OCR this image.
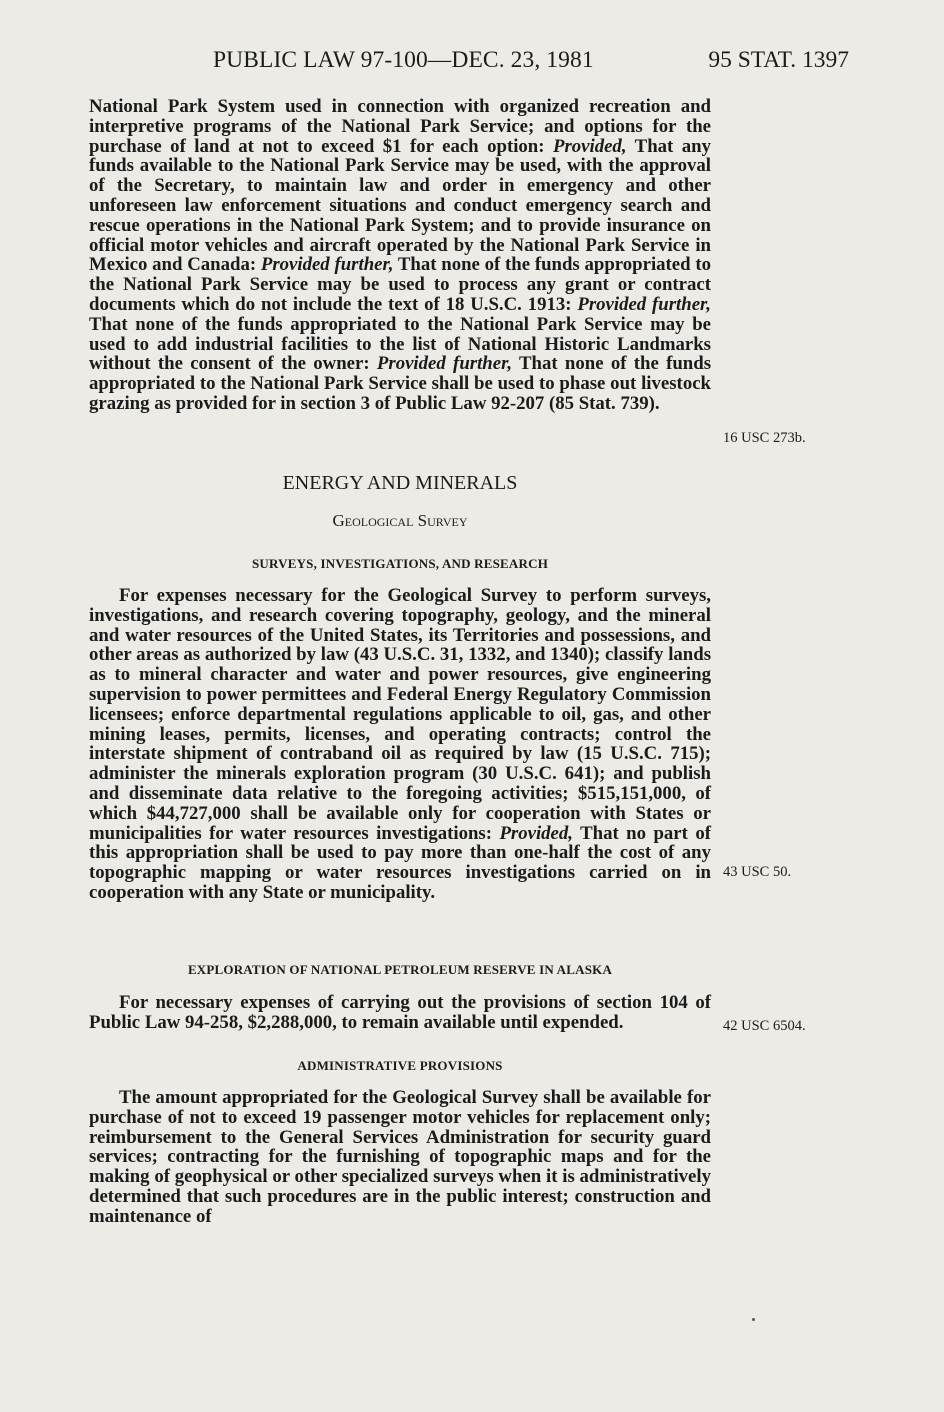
PUBLIC LAW 97-100—DEC. 23, 1981	95 STAT. 1397

National Park System used in connection with organized recreation and interpretive programs of the National Park Service; and options for the purchase of land at not to exceed $1 for each option: Provided, That any funds available to the National Park Service may be used, with the approval of the Secretary, to maintain law and order in emergency and other unforeseen law enforcement situations and conduct emergency search and rescue operations in the National Park System; and to provide insurance on official motor vehicles and aircraft operated by the National Park Service in Mexico and Canada: Provided further, That none of the funds appropriated to the National Park Service may be used to process any grant or contract documents which do not include the text of 18 U.S.C. 1913: Provided further, That none of the funds appropriated to the National Park Service may be used to add industrial facilities to the list of National Historic Landmarks without the consent of the owner: Provided further, That none of the funds appropriated to the National Park Service shall be used to phase out livestock grazing as provided for in section 3 of Public Law 92-207 (85 Stat. 739).

ENERGY AND MINERALS
Geological Survey
SURVEYS, INVESTIGATIONS, AND RESEARCH

For expenses necessary for the Geological Survey to perform surveys, investigations, and research covering topography, geology, and the mineral and water resources of the United States, its Territories and possessions, and other areas as authorized by law (43 U.S.C. 31, 1332, and 1340); classify lands as to mineral character and water and power resources, give engineering supervision to power permittees and Federal Energy Regulatory Commission licensees; enforce departmental regulations applicable to oil, gas, and other mining leases, permits, licenses, and operating contracts; control the interstate shipment of contraband oil as required by law (15 U.S.C. 715); administer the minerals exploration program (30 U.S.C. 641); and publish and disseminate data relative to the foregoing activities; $515,151,000, of which $44,727,000 shall be available only for cooperation with States or municipalities for water resources investigations: Provided, That no part of this appropriation shall be used to pay more than one-half the cost of any topographic mapping or water resources investigations carried on in cooperation with any State or municipality.

EXPLORATION OF NATIONAL PETROLEUM RESERVE IN ALASKA

For necessary expenses of carrying out the provisions of section 104 of Public Law 94-258, $2,288,000, to remain available until expended.

ADMINISTRATIVE PROVISIONS

The amount appropriated for the Geological Survey shall be available for purchase of not to exceed 19 passenger motor vehicles for replacement only; reimbursement to the General Services Administration for security guard services; contracting for the furnishing of topographic maps and for the making of geophysical or other specialized surveys when it is administratively determined that such procedures are in the public interest; construction and maintenance of

16 USC 273b.
43 USC 50.
42 USC 6504.
